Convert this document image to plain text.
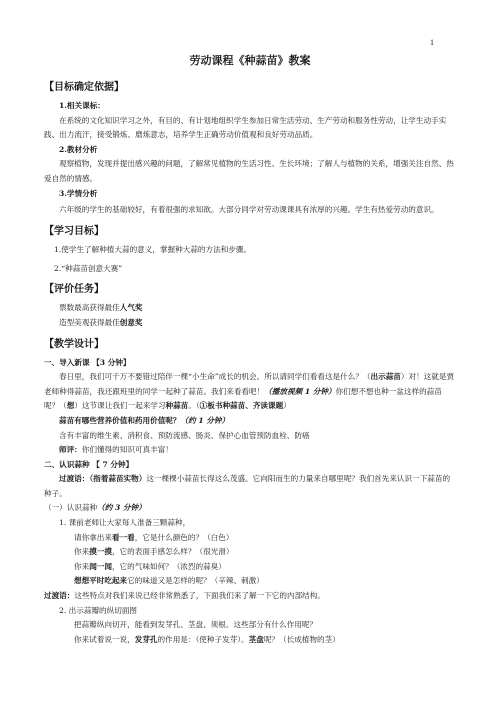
1
劳动课程《种蒜苗》教案
【目标确定依据】
1.相关课标：
在系统的文化知识学习之外，有目的、有计划地组织学生参加日常生活劳动、生产劳动和服务性劳动，让学生动手实践、出力流汗，接受锻炼、磨炼意志，培养学生正确劳动价值观和良好劳动品质。
2.教材分析
观察植物，发现并提出感兴趣的问题，了解常见植物的生活习性、生长环境；了解人与植物的关系，增强关注自然、热爱自然的情感。
3.学情分析
六年级的学生的基础较好，有着很强的求知欲。大部分同学对劳动课课具有浓厚的兴趣。学生有热爱劳动的意识。
【学习目标】
1.使学生了解种植大蒜的意义，掌握种大蒜的方法和步骤。
2.“种蒜苗创意大赛”
【评价任务】
票数最高获得最佳人气奖
造型美观获得最佳创意奖
【教学设计】
一、导入新课 【3 分钟】
春日里，我们可千万不要错过陪伴一棵“小生命”成长的机会。所以请同学们看看这是什么？（出示蒜苗）对！这就是贾老师种得蒜苗，我还跟班里的同学一起种了蒜苗。我们来看看吧！（播放视频 1 分钟）你们想不想也种一盆这样的蒜苗呢？（想）这节课让我们一起来学习种蒜苗。（①板书种蒜苗、齐读课题）
蒜苗有哪些营养价值和药用价值呢？（约 1 分钟）
含有丰富的维生素、消积食、预防流感、肠炎、保护心血管预防血栓、防癌
师评：你们懂得的知识可真丰富！
二、认识蒜种 【 7 分钟】
过渡语：（指着蒜苗实物）这一棵棵小蒜苗长得这么茂盛。它向阳而生的力量来自哪里呢？我们首先来认识一下蒜苗的种子。
（一）认识蒜种（约 3 分钟）
1. 课前老师让大家每人准备三颗蒜种，
请你拿出来看一看，它是什么颜色的？（白色）
你来摸一摸，它的表面手感怎么样？（很光滑）
你来闻一闻，它的气味如何？（浓烈的蒜臭）
想想平时吃起来它的味道又是怎样的呢？（辛辣、刺激）
过渡语：这些特点对我们来说已经非常熟悉了，下面我们来了解一下它的内部结构。
2. 出示蒜瓣的纵切面图
把蒜瓣纵向切开，能看到发芽孔、茎盘、须根。这些部分有什么作用呢？
你来试着说一说，发芽孔的作用是：（使种子发芽）。茎盘呢？（长成植物的茎）
